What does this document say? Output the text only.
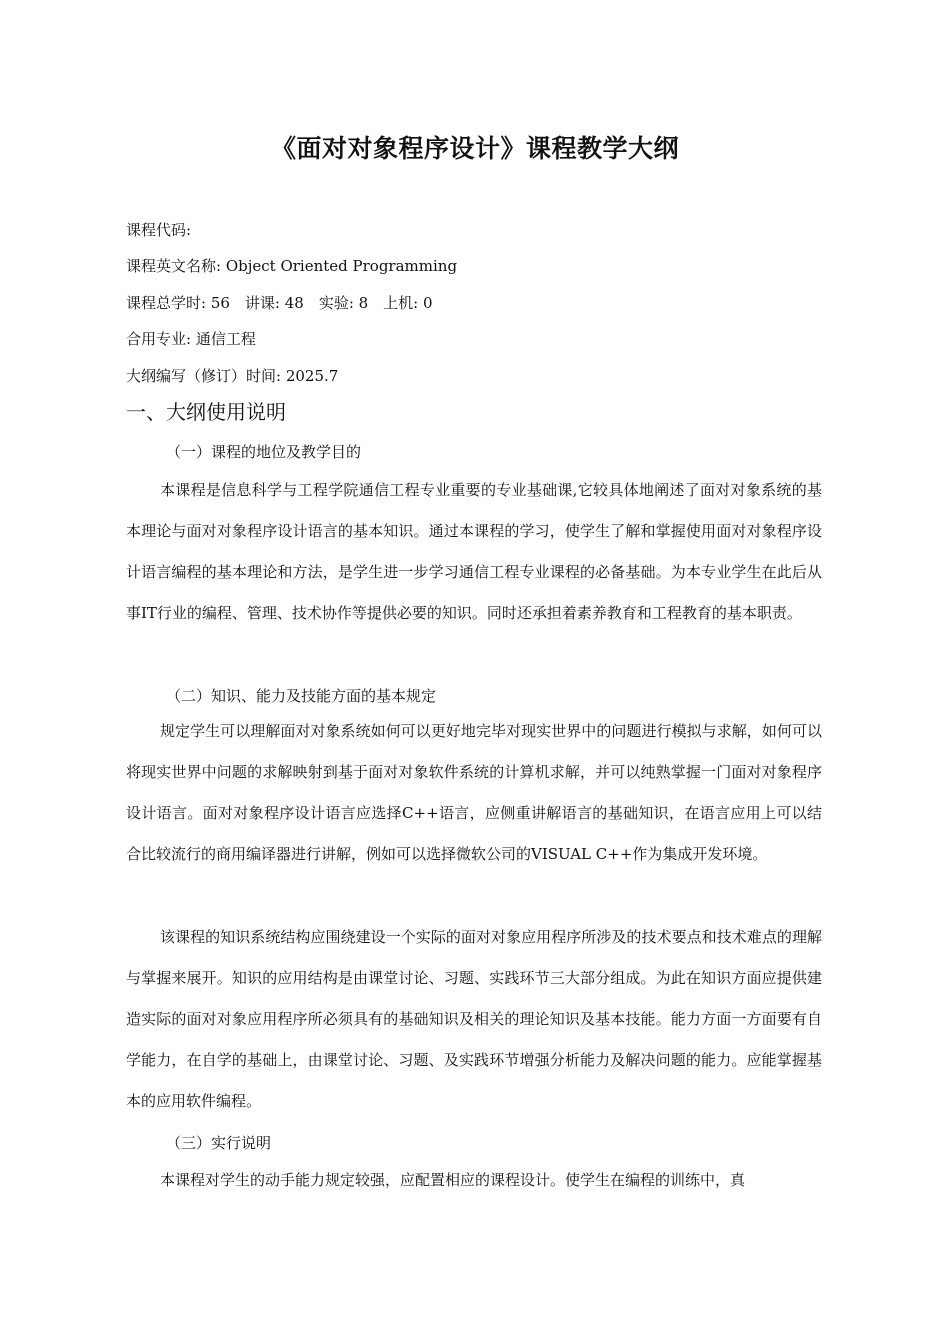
《面对对象程序设计》课程教学大纲
课程代码:
课程英文名称: Object Oriented Programming
课程总学时: 56　讲课: 48　实验: 8　上机: 0
合用专业: 通信工程
大纲编写（修订）时间: 2025.7
一、大纲使用说明
（一）课程的地位及教学目的

本课程是信息科学与工程学院通信工程专业重要的专业基础课,它较具体地阐述了面对对象系统的基本理论与面对对象程序设计语言的基本知识。通过本课程的学习，使学生了解和掌握使用面对对象程序设计语言编程的基本理论和方法，是学生进一步学习通信工程专业课程的必备基础。为本专业学生在此后从事IT行业的编程、管理、技术协作等提供必要的知识。同时还承担着素养教育和工程教育的基本职责。

（二）知识、能力及技能方面的基本规定

规定学生可以理解面对对象系统如何可以更好地完毕对现实世界中的问题进行模拟与求解，如何可以将现实世界中问题的求解映射到基于面对对象软件系统的计算机求解，并可以纯熟掌握一门面对对象程序设计语言。面对对象程序设计语言应选择C++语言，应侧重讲解语言的基础知识，在语言应用上可以结合比较流行的商用编译器进行讲解，例如可以选择微软公司的VISUAL C++作为集成开发环境。

该课程的知识系统结构应围绕建设一个实际的面对对象应用程序所涉及的技术要点和技术难点的理解与掌握来展开。知识的应用结构是由课堂讨论、习题、实践环节三大部分组成。为此在知识方面应提供建造实际的面对对象应用程序所必须具有的基础知识及相关的理论知识及基本技能。能力方面一方面要有自学能力，在自学的基础上，由课堂讨论、习题、及实践环节增强分析能力及解决问题的能力。应能掌握基本的应用软件编程。

（三）实行说明

本课程对学生的动手能力规定较强，应配置相应的课程设计。使学生在编程的训练中，真
